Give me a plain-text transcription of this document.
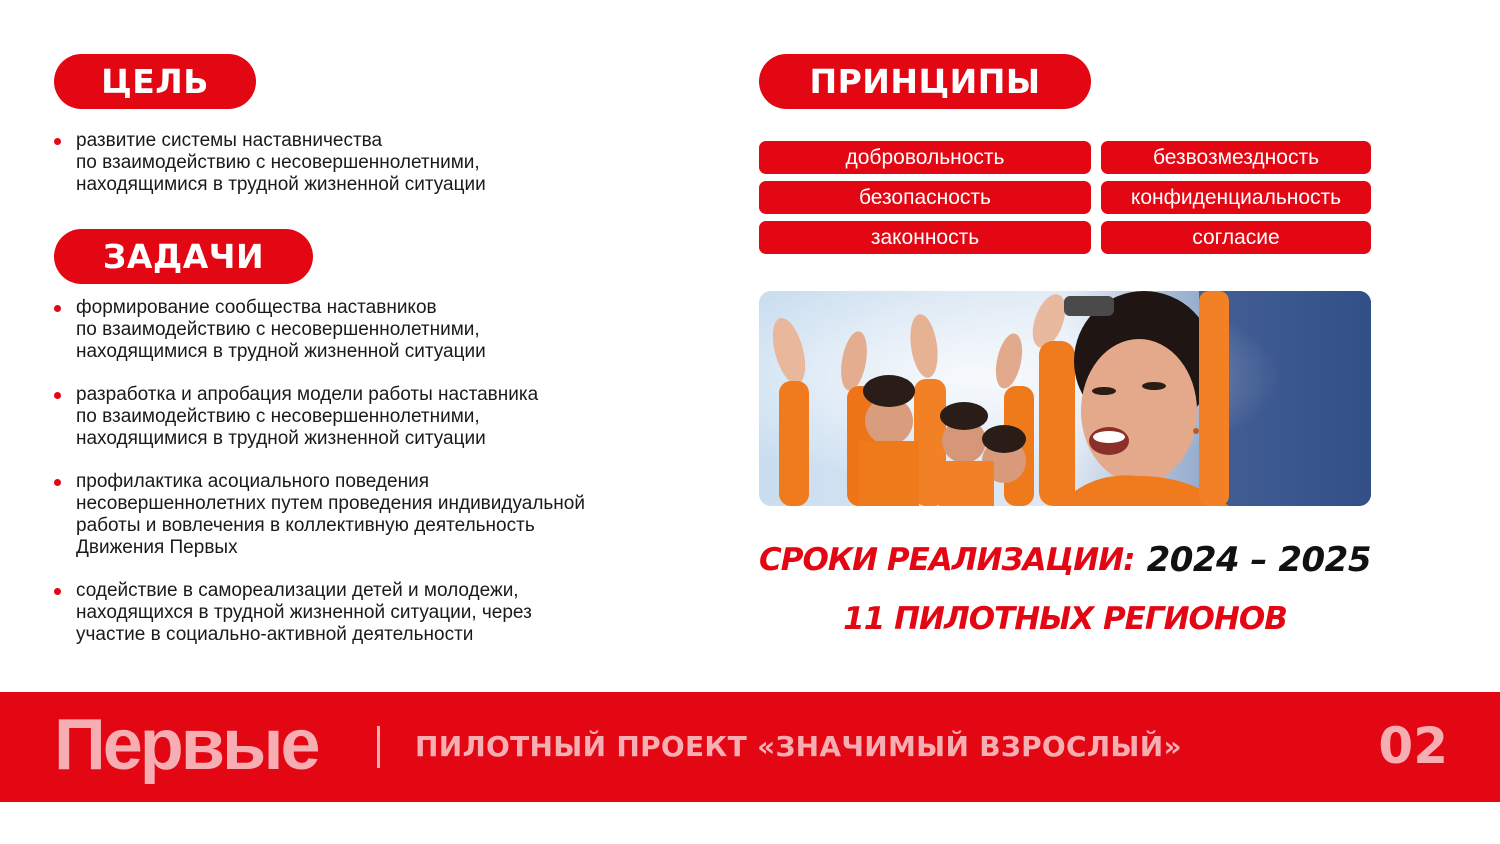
ЦЕЛЬ
развитие системы наставничества
по взаимодействию с несовершеннолетними,
находящимися в трудной жизненной ситуации
ЗАДАЧИ
формирование сообщества наставников
по взаимодействию с несовершеннолетними,
находящимися в трудной жизненной ситуации
разработка и апробация модели работы наставника
по взаимодействию с несовершеннолетними,
находящимися в трудной жизненной ситуации
профилактика асоциального поведения
несовершеннолетних путем проведения индивидуальной
работы и вовлечения в коллективную деятельность
Движения Первых
содействие в самореализации детей и молодежи,
находящихся в трудной жизненной ситуации, через
участие в социально-активной деятельности
ПРИНЦИПЫ
добровольность	безвозмездность
безопасность	конфиденциальность
законность	согласие
СРОКИ РЕАЛИЗАЦИИ: 2024 – 2025
11 ПИЛОТНЫХ РЕГИОНОВ
Первые	ПИЛОТНЫЙ ПРОЕКТ «ЗНАЧИМЫЙ ВЗРОСЛЫЙ»	02
